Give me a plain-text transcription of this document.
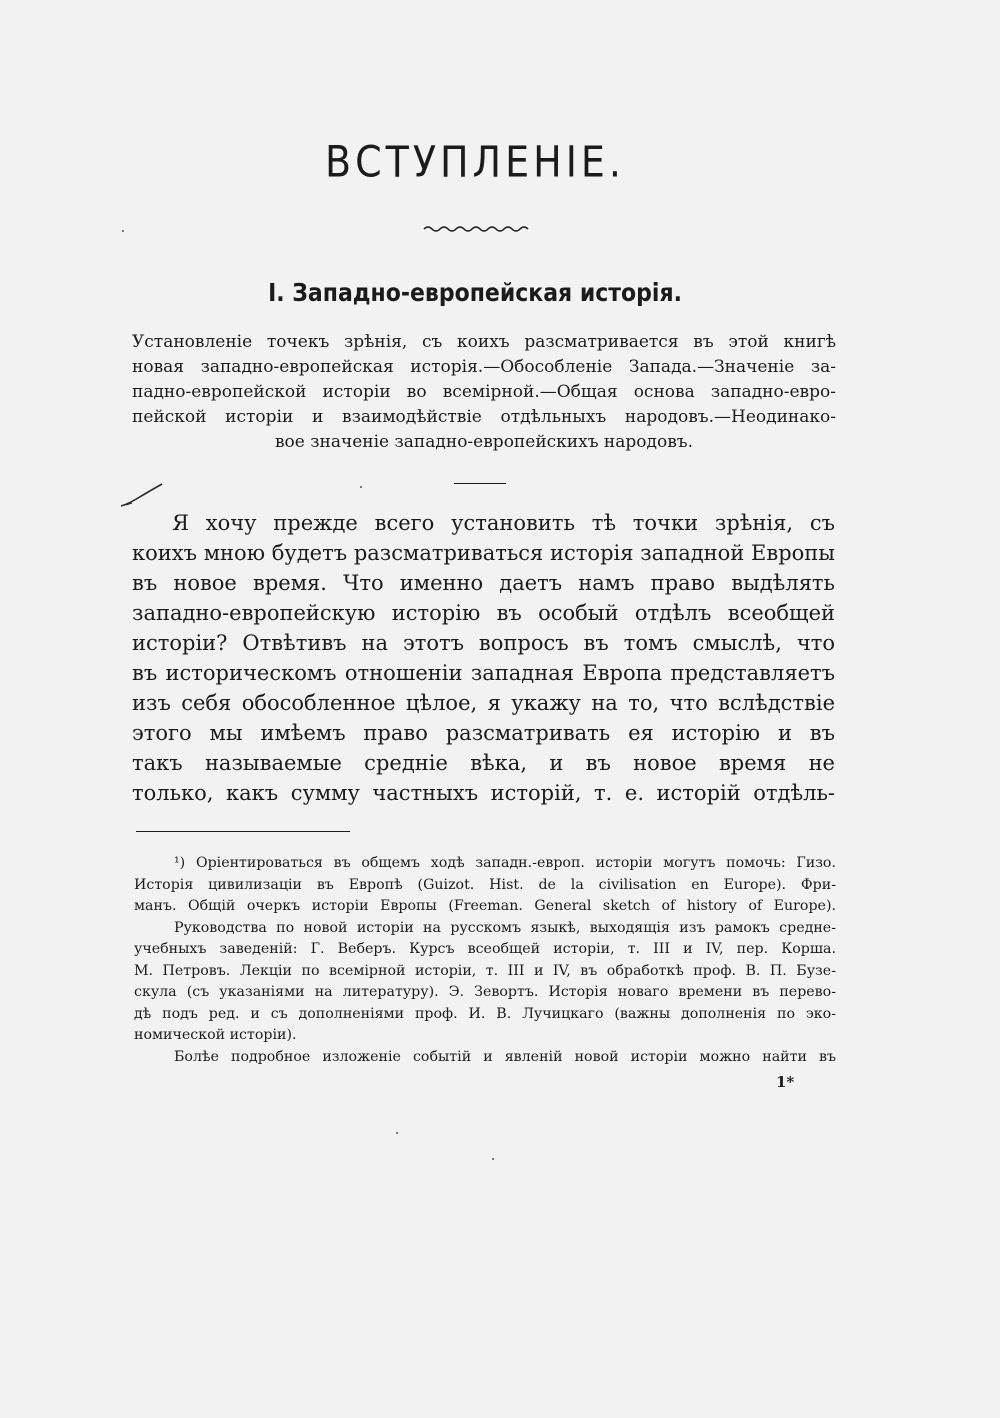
ВСТУПЛЕНІЕ.
I. Западно-европейская исторія.

Установленіе точекъ зрѣнія, съ коихъ разсматривается въ этой книгѣ
новая западно-европейская исторія.—Обособленіе Запада.—Значеніе за-
падно-европейской исторіи во всемірной.—Общая основа западно-евро-
пейской исторіи и взаимодѣйствіе отдѣльныхъ народовъ.—Неодинако-
вое значеніе западно-европейскихъ народовъ.

Я хочу прежде всего установить тѣ точки зрѣнія, съ
коихъ мною будетъ разсматриваться исторія западной Европы
въ новое время. Что именно даетъ намъ право выдѣлять
западно-европейскую исторію въ особый отдѣлъ всеобщей
исторіи? Отвѣтивъ на этотъ вопросъ въ томъ смыслѣ, что
въ историческомъ отношеніи западная Европа представляетъ
изъ себя обособленное цѣлое, я укажу на то, что вслѣдствіе
этого мы имѣемъ право разсматривать ея исторію и въ
такъ называемые средніе вѣка, и въ новое время не
только, какъ сумму частныхъ исторій, т. е. исторій отдѣль-

¹) Оріентироваться въ общемъ ходѣ западн.-европ. исторіи могутъ помочь: Гизо.
Исторія цивилизаціи въ Европѣ (Guizot. Hist. de la civilisation en Europe). Фри-
манъ. Общій очеркъ исторіи Европы (Freeman. General sketch of history of Europe).
Руководства по новой исторіи на русскомъ языкѣ, выходящія изъ рамокъ средне-
учебныхъ заведеній: Г. Веберъ. Курсъ всеобщей исторіи, т. III и IV, пер. Корша.
М. Петровъ. Лекціи по всемірной исторіи, т. III и IV, въ обработкѣ проф. В. П. Бузе-
скула (съ указаніями на литературу). Э. Зевортъ. Исторія новаго времени въ перево-
дѣ подъ ред. и съ дополненіями проф. И. В. Лучицкаго (важны дополненія по эко-
номической исторіи).
Болѣе подробное изложеніе событій и явленій новой исторіи можно найти въ

1*
